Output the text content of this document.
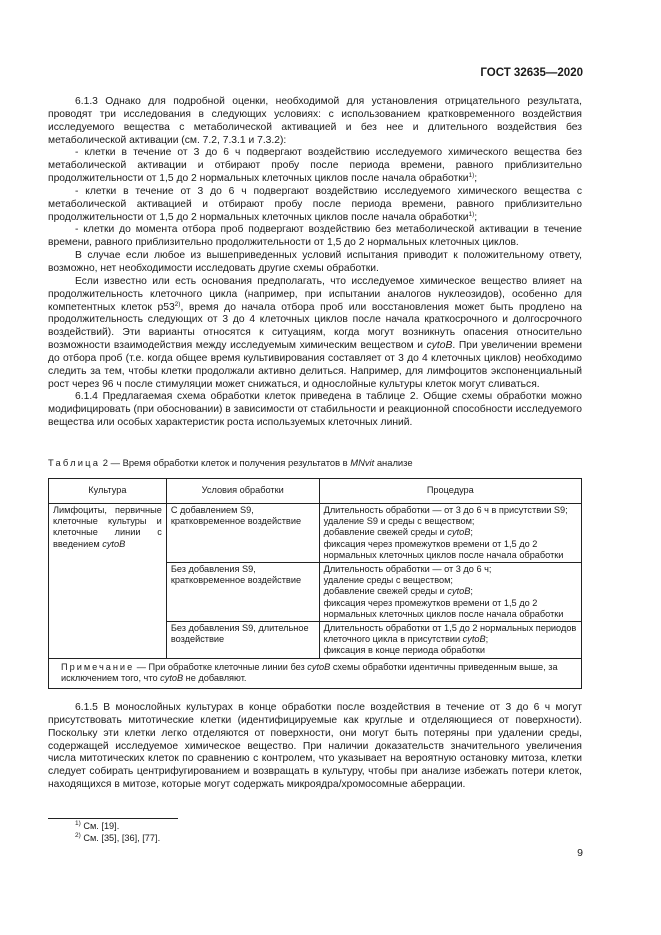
ГОСТ 32635—2020

6.1.3 Однако для подробной оценки, необходимой для установления отрицательного результата, проводят три исследования в следующих условиях: с использованием кратковременного воздействия исследуемого вещества с метаболической активацией и без нее и длительного воздействия без метаболической активации (см. 7.2, 7.3.1 и 7.3.2):

- клетки в течение от 3 до 6 ч подвергают воздействию исследуемого химического вещества без метаболической активации и отбирают пробу после периода времени, равного приблизительно продолжительности от 1,5 до 2 нормальных клеточных циклов после начала обработки$^{1)}$;

- клетки в течение от 3 до 6 ч подвергают воздействию исследуемого химического вещества с метаболической активацией и отбирают пробу после периода времени, равного приблизительно продолжительности от 1,5 до 2 нормальных клеточных циклов после начала обработки$^{1)}$;

- клетки до момента отбора проб подвергают воздействию без метаболической активации в течение времени, равного приблизительно продолжительности от 1,5 до 2 нормальных клеточных циклов.

В случае если любое из вышеприведенных условий испытания приводит к положительному ответу, возможно, нет необходимости исследовать другие схемы обработки.

Если известно или есть основания предполагать, что исследуемое химическое вещество влияет на продолжительность клеточного цикла (например, при испытании аналогов нуклеозидов), особенно для компетентных клеток p53$^{2)}$, время до начала отбора проб или восстановления может быть продлено на продолжительность следующих от 3 до 4 клеточных циклов после начала краткосрочного и долгосрочного воздействий). Эти варианты относятся к ситуациям, когда могут возникнуть опасения относительно возможности взаимодействия между исследуемым химическим веществом и cytoB. При увеличении времени до отбора проб (т.е. когда общее время культивирования составляет от 3 до 4 клеточных циклов) необходимо следить за тем, чтобы клетки продолжали активно делиться. Например, для лимфоцитов экспоненциальный рост через 96 ч после стимуляции может снижаться, и однослойные культуры клеток могут сливаться.

6.1.4 Предлагаемая схема обработки клеток приведена в таблице 2. Общие схемы обработки можно модифицировать (при обосновании) в зависимости от стабильности и реакционной способности исследуемого вещества или особых характеристик роста используемых клеточных линий.

Таблица 2 — Время обработки клеток и получения результатов в MNvit анализе
Культура	Условия обработки	Процедура
Лимфоциты, первичные клеточные культуры и клеточные линии с введением cytoB	С добавлением S9, кратковременное воздействие	Длительность обработки — от 3 до 6 ч в присутствии S9;
удаление S9 и среды с веществом;
добавление свежей среды и cytoB;
фиксация через промежутков времени от 1,5 до 2 нормальных клеточных циклов после начала обработки
	Без добавления S9, кратковременное воздействие	Длительность обработки — от 3 до 6 ч;
удаление среды с веществом;
добавление свежей среды и cytoB;
фиксация через промежутков времени от 1,5 до 2 нормальных клеточных циклов после начала обработки
	Без добавления S9, длительное воздействие	Длительность обработки от 1,5 до 2 нормальных периодов клеточного цикла в присутствии cytoB;
фиксация в конце периода обработки
Примечание — При обработке клеточные линии без cytoB схемы обработки идентичны приведенным выше, за исключением того, что cytoB не добавляют.		

6.1.5 В монослойных культурах в конце обработки после воздействия в течение от 3 до 6 ч могут присутствовать митотические клетки (идентифицируемые как круглые и отделяющиеся от поверхности). Поскольку эти клетки легко отделяются от поверхности, они могут быть потеряны при удалении среды, содержащей исследуемое химическое вещество. При наличии доказательств значительного увеличения числа митотических клеток по сравнению с контролем, что указывает на вероятную остановку митоза, клетки следует собирать центрифугированием и возвращать в культуру, чтобы при анализе избежать потери клеток, находящихся в митозе, которые могут содержать микроядра/хромосомные аберрации.

$^{1)}$ См. [19].
$^{2)}$ См. [35], [36], [77].
9
